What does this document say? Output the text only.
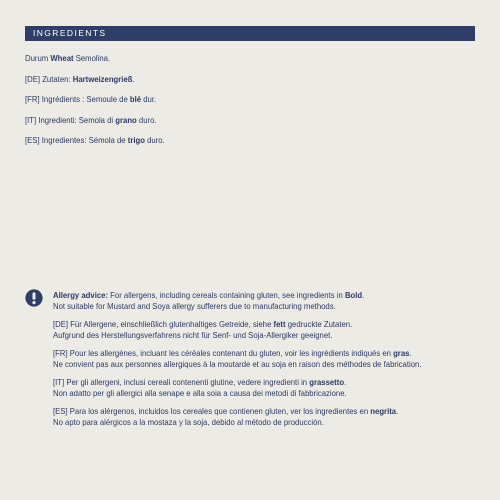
INGREDIENTS

Durum Wheat Semolina.

[DE] Zutaten: Hartweizengrieß.

[FR] Ingrédients : Semoule de blé dur.

[IT] Ingredienti: Semola di grano duro.

[ES] Ingredientes: Sémola de trigo duro.

Allergy advice: For allergens, including cereals containing gluten, see ingredients in Bold.

Not suitable for Mustard and Soya allergy sufferers due to manufacturing methods.

[DE] Für Allergene, einschließlich glutenhaltiges Getreide, siehe fett gedruckte Zutaten.

Aufgrund des Herstellungsverfahrens nicht für Senf- und Soja-Allergiker geeignet.

[FR] Pour les allergènes, incluant les céréales contenant du gluten, voir les ingrédients indiqués en gras.

Ne convient pas aux personnes allergiques à la moutarde et au soja en raison des méthodes de fabrication.

[IT] Per gli allergeni, inclusi cereali contenenti glutine, vedere ingredienti in grassetto.

Non adatto per gli allergici alla senape e alla soia a causa dei metodi di fabbricazione.

[ES] Para los alérgenos, incluidos los cereales que contienen gluten, ver los ingredientes en negrita.

No apto para alérgicos a la mostaza y la soja, debido al método de producción.
